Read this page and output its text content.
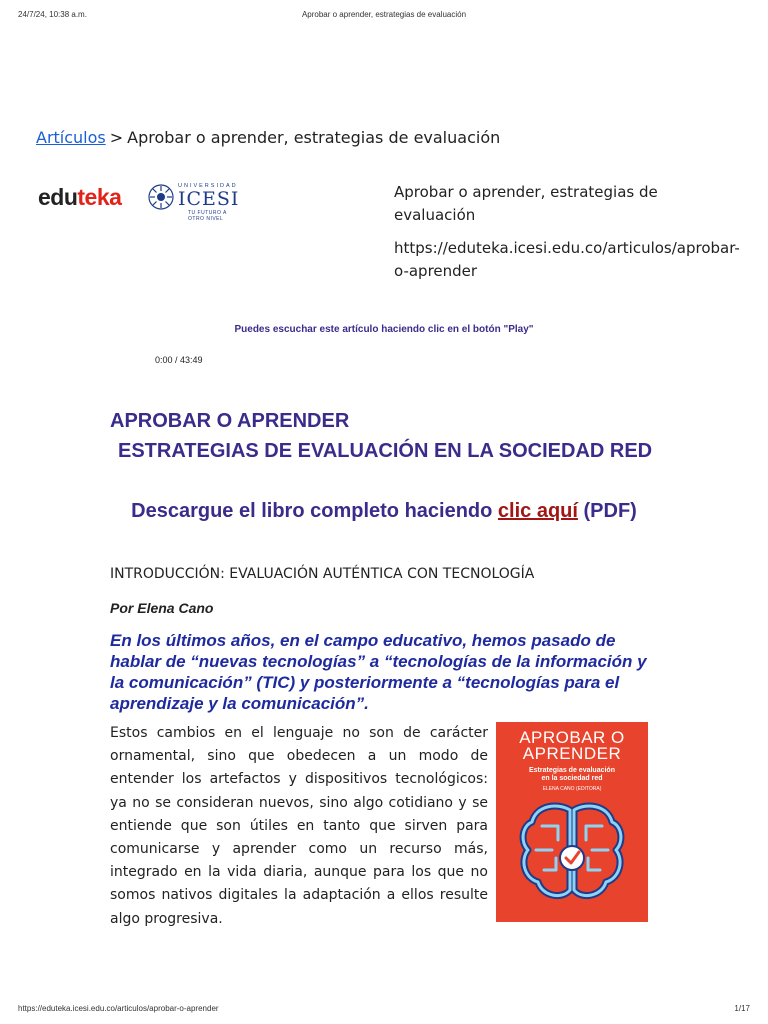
24/7/24, 10:38 a.m.	Aprobar o aprender, estrategias de evaluación
Artículos > Aprobar o aprender, estrategias de evaluación
eduteka	UNIVERSIDAD
ICESI
TU FUTURO A OTRO NIVEL

Aprobar o aprender, estrategias de evaluación

https://eduteka.icesi.edu.co/articulos/aprobar-o-aprender

Puedes escuchar este artículo haciendo clic en el botón "Play"
0:00 / 43:49
APROBAR O APRENDER
ESTRATEGIAS DE EVALUACIÓN EN LA SOCIEDAD RED
Descargue el libro completo haciendo clic aquí (PDF)
INTRODUCCIÓN: EVALUACIÓN AUTÉNTICA CON TECNOLOGÍA
Por Elena Cano
En los últimos años, en el campo educativo, hemos pasado de hablar de “nuevas tecnologías” a “tecnologías de la información y la comunicación” (TIC) y posteriormente a “tecnologías para el aprendizaje y la comunicación”.
Estos cambios en el lenguaje no son de carácter ornamental, sino que obedecen a un modo de entender los artefactos y dispositivos tecnológicos: ya no se consideran nuevos, sino algo cotidiano y se entiende que son útiles en tanto que sirven para comunicarse y aprender como un recurso más, integrado en la vida diaria, aunque para los que no somos nativos digitales la adaptación a ellos resulte algo progresiva.
APROBAR O
APRENDER
Estrategias de evaluación
en la sociedad red
ELENA CANO (EDITORA)
https://eduteka.icesi.edu.co/articulos/aprobar-o-aprender	1/17
